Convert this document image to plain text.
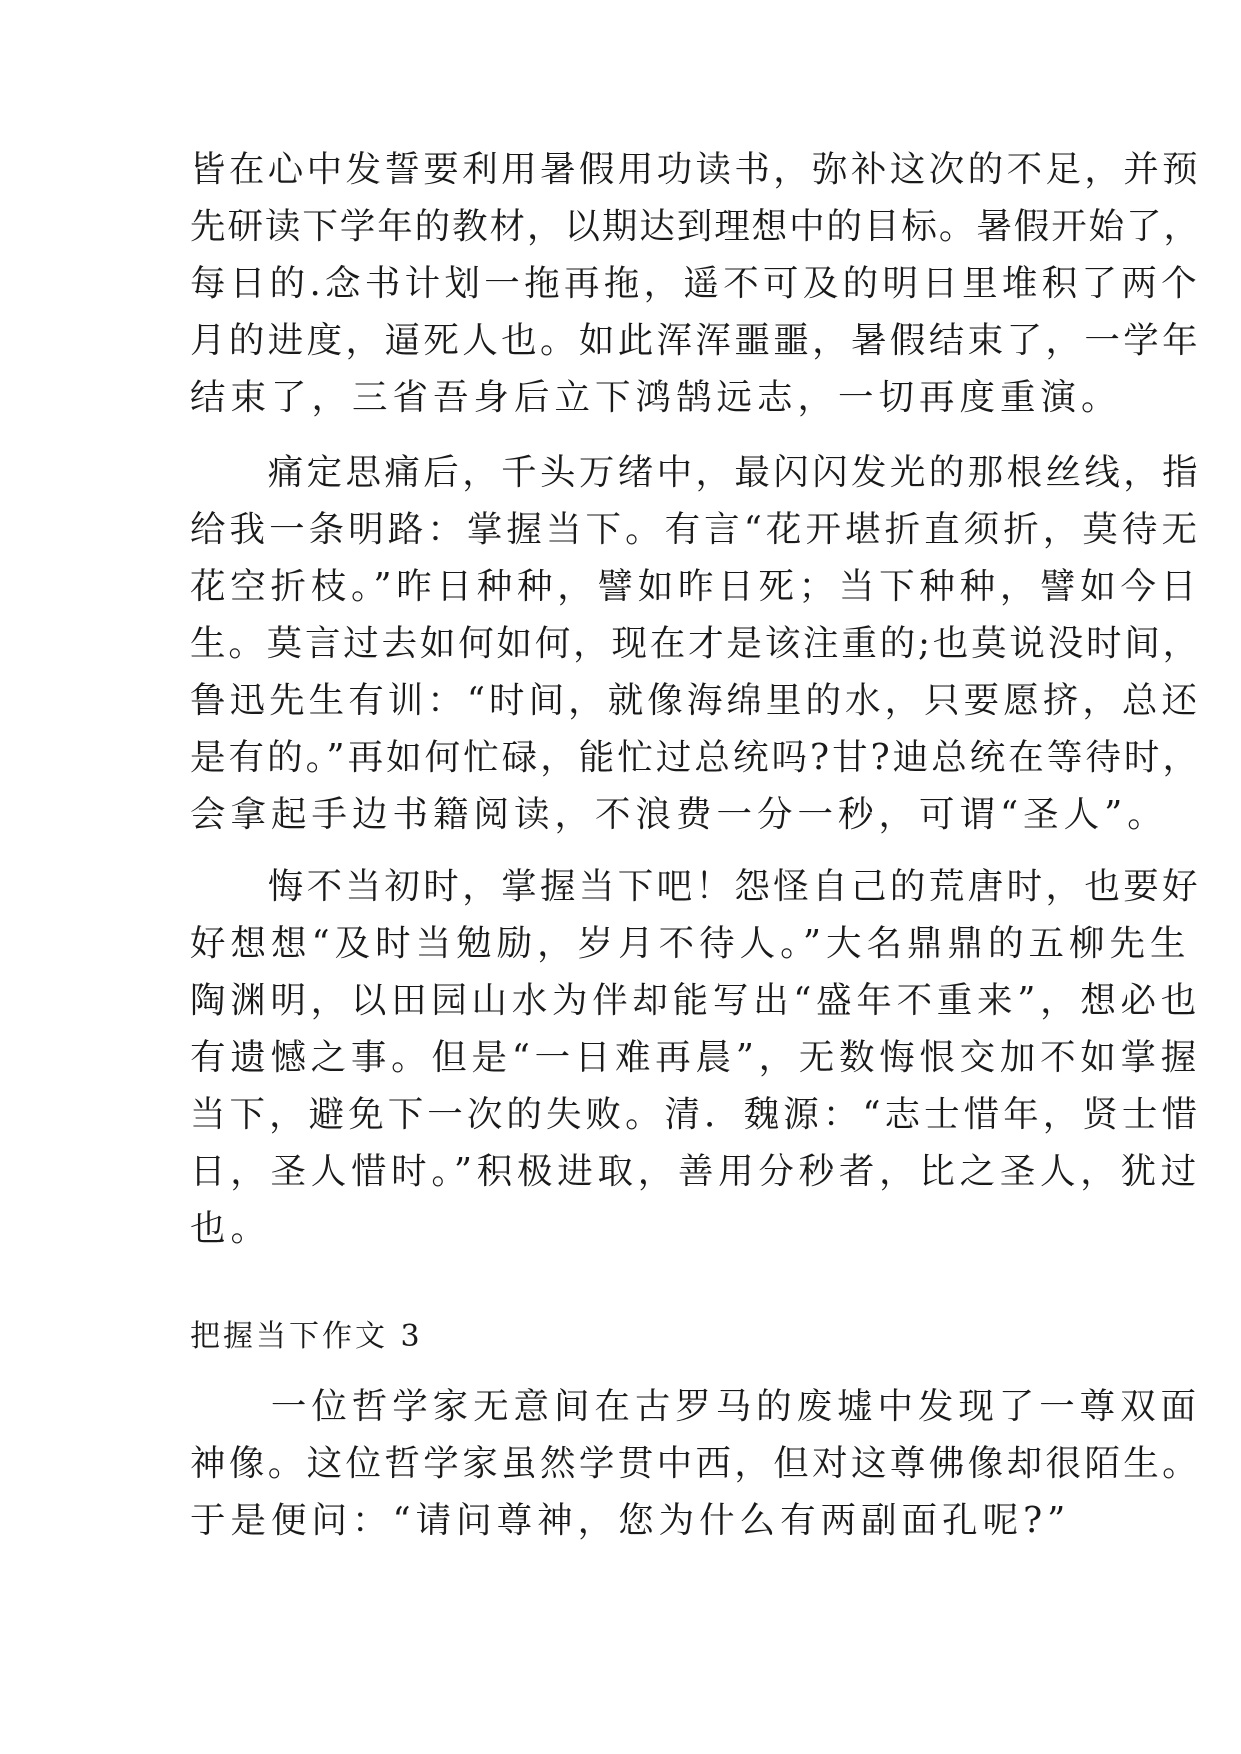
皆在心中发誓要利用暑假用功读书，弥补这次的不足，并预
先研读下学年的教材，以期达到理想中的目标。暑假开始了，
每日的.念书计划一拖再拖，遥不可及的明日里堆积了两个
月的进度，逼死人也。如此浑浑噩噩，暑假结束了，一学年
结束了，三省吾身后立下鸿鹄远志，一切再度重演。
　　痛定思痛后，千头万绪中，最闪闪发光的那根丝线，指
给我一条明路：掌握当下。有言“花开堪折直须折，莫待无
花空折枝。”昨日种种，譬如昨日死；当下种种，譬如今日
生。莫言过去如何如何，现在才是该注重的;也莫说没时间，
鲁迅先生有训：“时间，就像海绵里的水，只要愿挤，总还
是有的。”再如何忙碌，能忙过总统吗?甘?迪总统在等待时，
会拿起手边书籍阅读，不浪费一分一秒，可谓“圣人”。
　　悔不当初时，掌握当下吧！怨怪自己的荒唐时，也要好
好想想“及时当勉励，岁月不待人。”大名鼎鼎的五柳先生
陶渊明，以田园山水为伴却能写出“盛年不重来”，想必也
有遗憾之事。但是“一日难再晨”，无数悔恨交加不如掌握
当下，避免下一次的失败。清．魏源：“志士惜年，贤士惜
日，圣人惜时。”积极进取，善用分秒者，比之圣人，犹过
也。
把握当下作文 3
　　一位哲学家无意间在古罗马的废墟中发现了一尊双面
神像。这位哲学家虽然学贯中西，但对这尊佛像却很陌生。
于是便问：“请问尊神，您为什么有两副面孔呢?”
